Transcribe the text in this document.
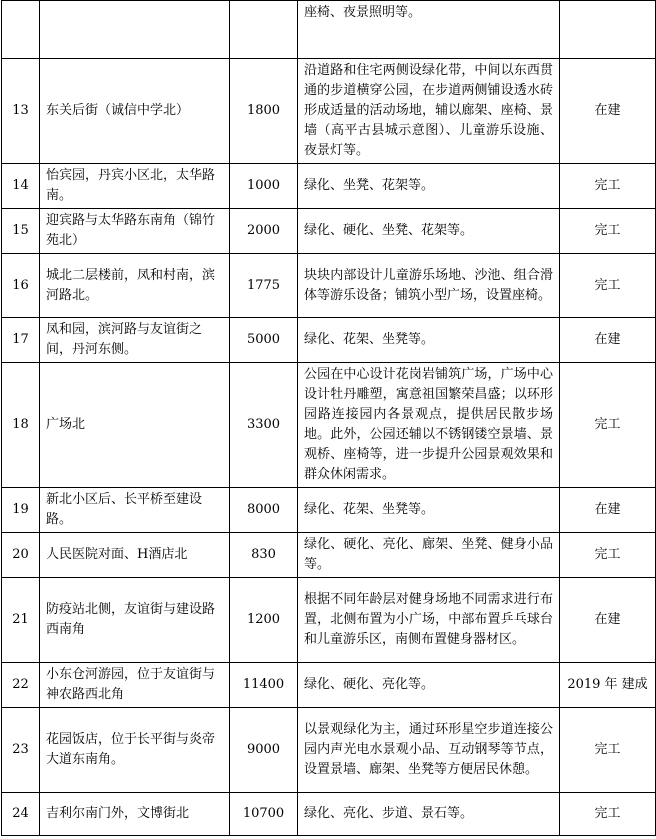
			座椅、夜景照明等。	
13	东关后街（诚信中学北）	1800	沿道路和住宅两侧设绿化带，中间以东西贯通的步道横穿公园，在步道两侧铺设透水砖形成适量的活动场地，辅以廊架、座椅、景墙（高平古县城示意图）、儿童游乐设施、夜景灯等。	在建
14	怡宾园，丹宾小区北，太华路南。	1000	绿化、坐凳、花架等。	完工
15	迎宾路与太华路东南角（锦竹苑北）	2000	绿化、硬化、坐凳、花架等。	完工
16	城北二层楼前，凤和村南，滨河路北。	1775	块块内部设计儿童游乐场地、沙池、组合滑体等游乐设备；铺筑小型广场，设置座椅。	完工
17	凤和园，滨河路与友谊街之间，丹河东侧。	5000	绿化、花架、坐凳等。	在建
18	广场北	3300	公园在中心设计花岗岩铺筑广场，广场中心设计牡丹雕塑，寓意祖国繁荣昌盛；以环形园路连接园内各景观点，提供居民散步场地。此外，公园还辅以不锈钢镂空景墙、景观桥、座椅等，进一步提升公园景观效果和群众休闲需求。	完工
19	新北小区后、长平桥至建设路。	8000	绿化、花架、坐凳等。	在建
20	人民医院对面、H酒店北	830	绿化、硬化、亮化、廊架、坐凳、健身小品等。	完工
21	防疫站北侧，友谊街与建设路西南角	1200	根据不同年龄层对健身场地不同需求进行布置，北侧布置为小广场，中部布置乒乓球台和儿童游乐区，南侧布置健身器材区。	在建
22	小东仓河游园，位于友谊街与神农路西北角	11400	绿化、硬化、亮化等。	2019 年 建成
23	花园饭店，位于长平街与炎帝大道东南角。	9000	以景观绿化为主，通过环形星空步道连接公园内声光电水景观小品、互动钢琴等节点，设置景墙、廊架、坐凳等方便居民休憩。	完工
24	吉利尔南门外，文博街北	10700	绿化、亮化、步道、景石等。	完工
